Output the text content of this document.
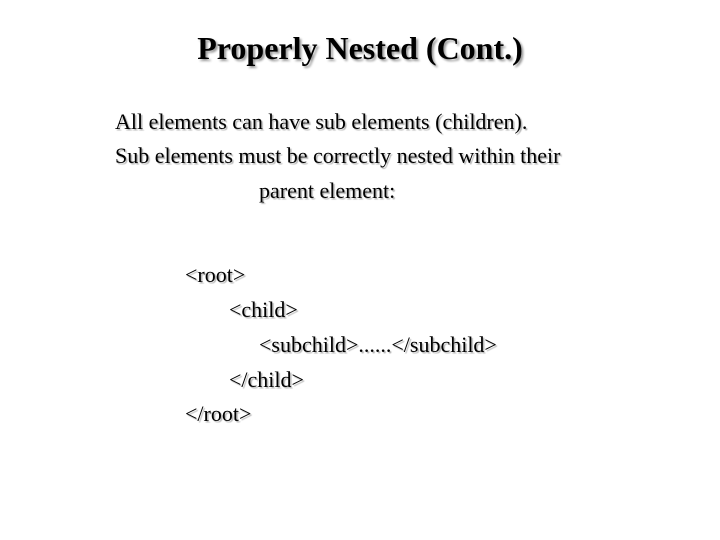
Properly Nested (Cont.)
All elements can have sub elements (children).
Sub elements must be correctly nested within their
parent element:
<root>
<child>
<subchild>......</subchild>
</child>
</root>
